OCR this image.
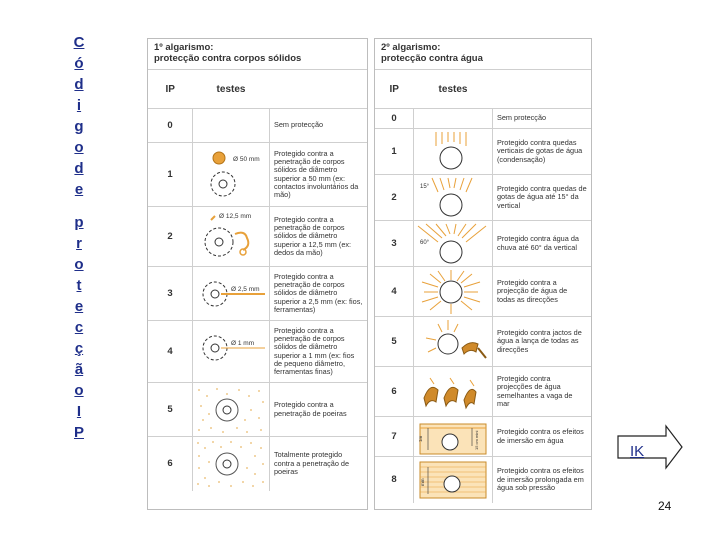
C
ó
d
i
g
o
d
e
p
r
o
t
e
c
ç
ã
o
I
P
1º algarismo:
protecção contra corpos sólidos
IP	testes	
0		Sem protecção
1	Ø 50 mm	Protegido contra a penetração de corpos sólidos de diâmetro superior a 50 mm (ex: contactos involuntários da mão)
2	Ø 12,5 mm	Protegido contra a penetração de corpos sólidos de diâmetro superior a 12,5 mm (ex: dedos da mão)
3	Ø 2,5 mm	Protegido contra a penetração de corpos sólidos de diâmetro superior a 2,5 mm (ex: fios, ferramentas)
4	Ø 1 mm	Protegido contra a penetração de corpos sólidos de diâmetro superior a 1 mm (ex: fios de pequeno diâmetro, ferramentas finas)
5		Protegido contra a penetração de poeiras
6		Totalmente protegido contra a penetração de poeiras
2º algarismo:
protecção contra água
IP	testes	
0		Sem protecção
1		Protegido contra quedas verticais de gotas de água (condensação)
2	15°	Protegido contra quedas de gotas de água até 15° da vertical
3	60°	Protegido contra água da chuva até 60° da vertical
4		Protegido contra a projecção de água de todas as direcções
5		Protegido contra jactos de água a lança de todas as direcções
6		Protegido contra projecções de água semelhantes a vaga de mar
7	1m 15 cm mini	Protegido contra os efeitos de imersão em água
8	mm	Protegido contra os efeitos de imersão prolongada em água sob pressão
IK
24
